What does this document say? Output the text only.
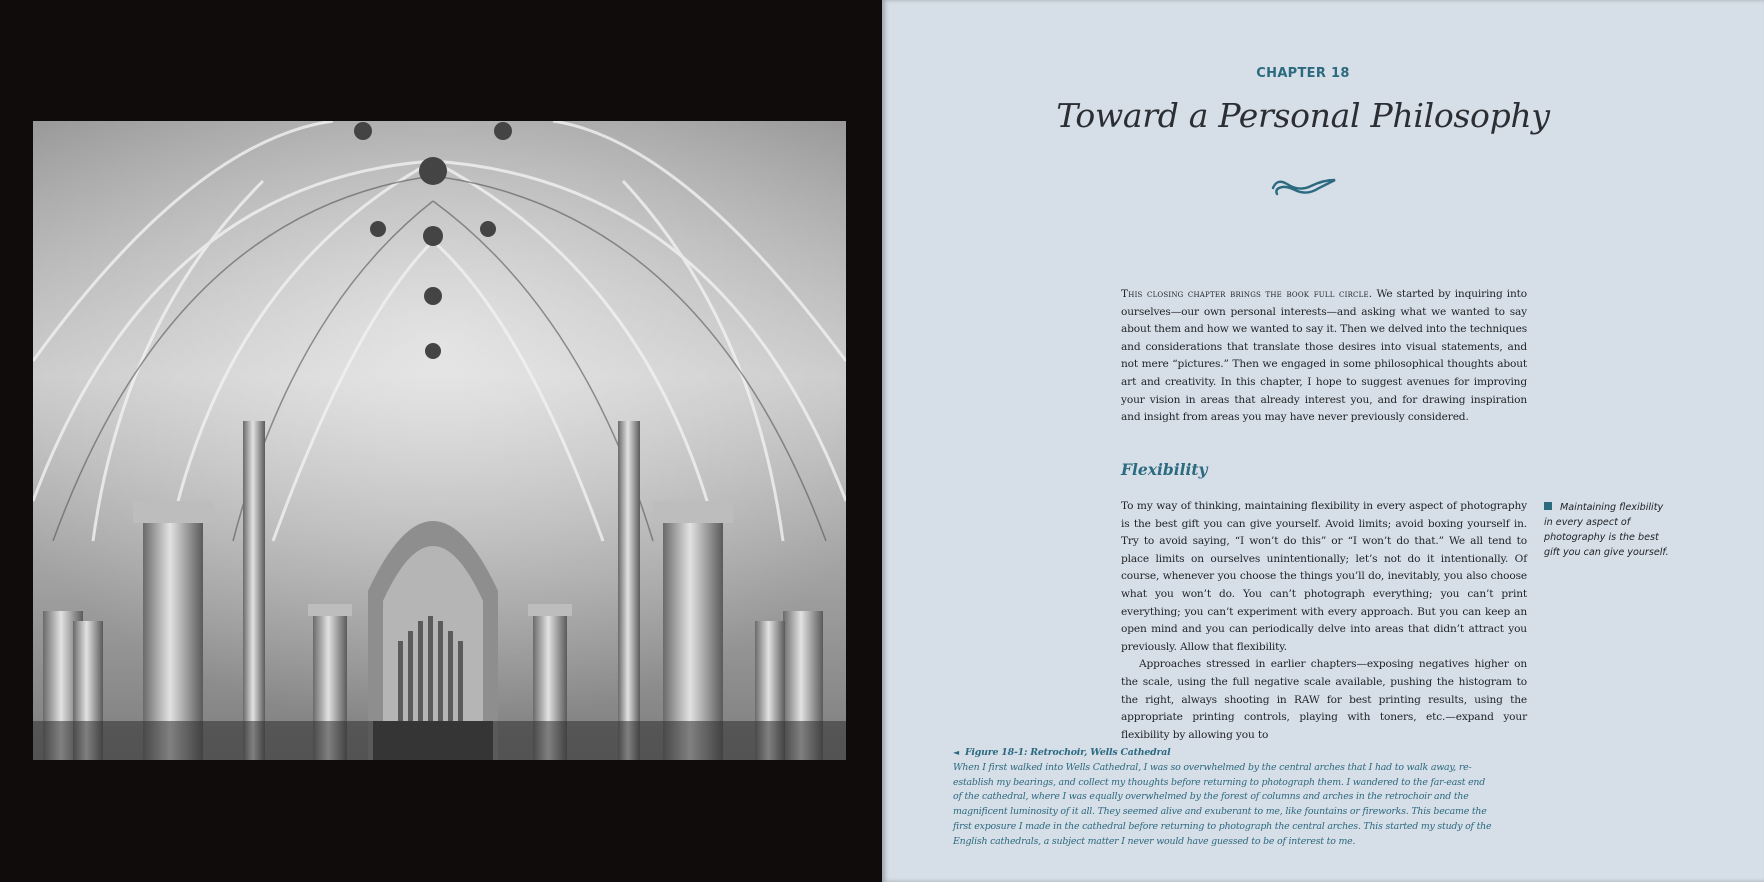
CHAPTER 18
Toward a Personal Philosophy

This closing chapter brings the book full circle. We started by inquiring into ourselves—our own personal interests—and asking what we wanted to say about them and how we wanted to say it. Then we delved into the techniques and considerations that translate those desires into visual statements, and not mere “pictures.” Then we engaged in some philosophical thoughts about art and creativity. In this chapter, I hope to suggest avenues for improving your vision in areas that already interest you, and for drawing inspiration and insight from areas you may have never previously considered.

Flexibility

To my way of thinking, maintaining flexibility in every aspect of photography is the best gift you can give yourself. Avoid limits; avoid boxing yourself in. Try to avoid saying, “I won’t do this” or “I won’t do that.” We all tend to place limits on ourselves unintentionally; let’s not do it intentionally. Of course, whenever you choose the things you’ll do, inevitably, you also choose what you won’t do. You can’t photograph everything; you can’t print everything; you can’t experiment with every approach. But you can keep an open mind and you can periodically delve into areas that didn’t attract you previously. Allow that flexibility.

Approaches stressed in earlier chapters—exposing negatives higher on the scale, using the full negative scale available, pushing the histogram to the right, always shooting in RAW for best printing results, using the appropriate printing controls, playing with toners, etc.—expand your flexibility by allowing you to

Maintaining flexibility in every aspect of photography is the best gift you can give yourself.
◄ Figure 18-1: Retrochoir, Wells Cathedral
When I first walked into Wells Cathedral, I was so overwhelmed by the central arches that I had to walk away, re-establish my bearings, and collect my thoughts before returning to photograph them. I wandered to the far-east end of the cathedral, where I was equally overwhelmed by the forest of columns and arches in the retrochoir and the magnificent luminosity of it all. They seemed alive and exuberant to me, like fountains or fireworks. This became the first exposure I made in the cathedral before returning to photograph the central arches. This started my study of the English cathedrals, a subject matter I never would have guessed to be of interest to me.
